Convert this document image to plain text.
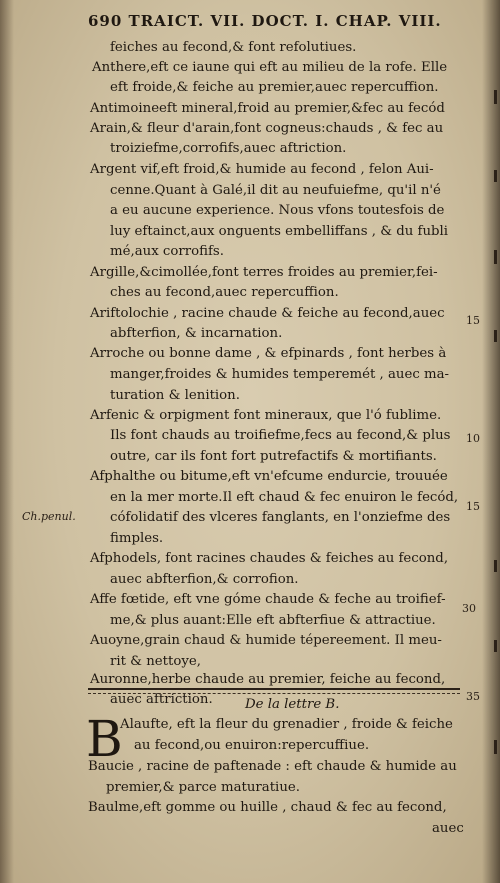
690 TRAICT. VII. DOCT. I. CHAP. VIII.
feiches au fecond,& font refolutiues.
Anthere,eft ce iaune qui eft au milieu de la rofe. Elle
eft froide,& feiche au premier,auec repercuffion.
Antimoineeft mineral,froid au premier,&fec au fecód
Arain,& fleur d'arain,font cogneus:chauds , & fec au
troiziefme,corrofifs,auec aftriction.
Argent vif,eft froid,& humide au fecond , felon Aui-
cenne.Quant à Galé,il dit au neufuiefme, qu'il n'é
a eu aucune experience. Nous vfons toutesfois de
luy eftainct,aux onguents embelliffans , & du fubli
mé,aux corrofifs.
Argille,&cimollée,font terres froides au premier,fei-
ches au fecond,auec repercuffion.
Ariftolochie , racine chaude & feiche au fecond,auec
abfterfion, & incarnation.
Arroche ou bonne dame , & efpinards , font herbes à
manger,froides & humides temperemét , auec ma-
turation & lenition.
Arfenic & orpigment font mineraux, que l'ó fublime.
Ils font chauds au troifiefme,fecs au fecond,& plus
outre, car ils font fort putrefactifs & mortifiants.
Afphalthe ou bitume,eft vn'efcume endurcie, trouuée
en la mer morte.Il eft chaud & fec enuiron le fecód,
cófolidatif des vlceres fanglants, en l'onziefme des
fimples.
Afphodels, font racines chaudes & feiches au fecond,
auec abfterfion,& corrofion.
Affe fœtide, eft vne góme chaude & feche au troifief-
me,& plus auant:Elle eft abfterfiue & attractiue.
Auoyne,grain chaud & humide tépereement. Il meu-
rit & nettoye,
Auronne,herbe chaude au premier, feiche au fecond,
auec aftriction.
Ch.penul.
15
10
15
30
35
De la lettre B.
B
Alaufte, eft la fleur du grenadier , froide & feiche
au fecond,ou enuiron:repercuffiue.
Baucie , racine de paftenade : eft chaude & humide au
premier,& parce maturatiue.
Baulme,eft gomme ou huille , chaud & fec au fecond,
auec
